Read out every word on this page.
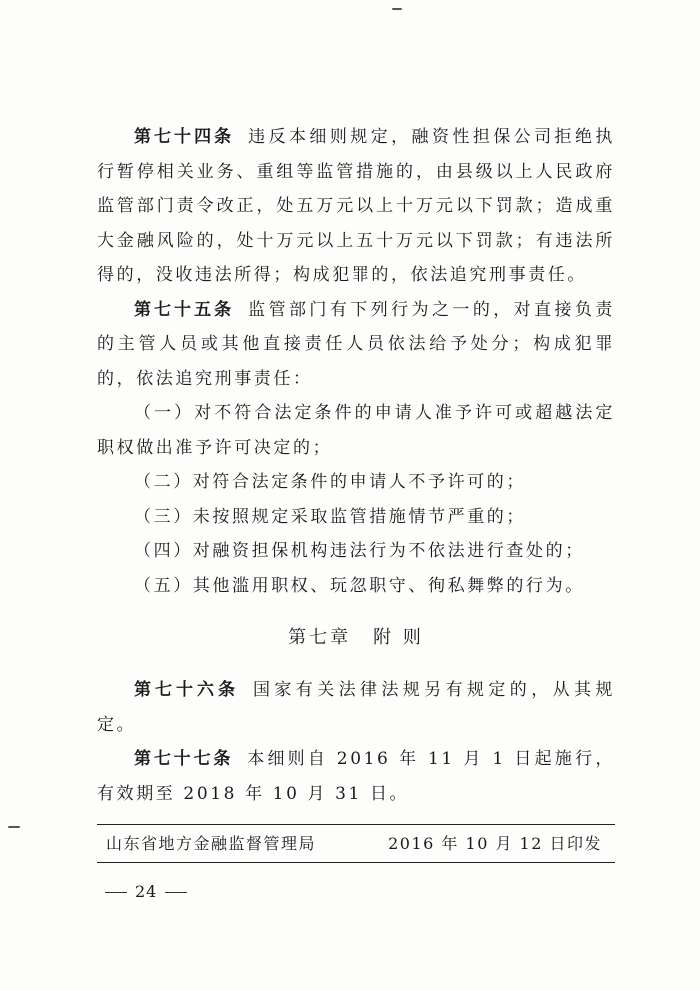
第七十四条 违反本细则规定，融资性担保公司拒绝执行暂停相关业务、重组等监管措施的，由县级以上人民政府监管部门责令改正，处五万元以上十万元以下罚款；造成重大金融风险的，处十万元以上五十万元以下罚款；有违法所得的，没收违法所得；构成犯罪的，依法追究刑事责任。

第七十五条 监管部门有下列行为之一的，对直接负责的主管人员或其他直接责任人员依法给予处分；构成犯罪的，依法追究刑事责任：

（一）对不符合法定条件的申请人准予许可或超越法定职权做出准予许可决定的；

（二）对符合法定条件的申请人不予许可的；

（三）未按照规定采取监管措施情节严重的；

（四）对融资担保机构违法行为不依法进行查处的；

（五）其他滥用职权、玩忽职守、徇私舞弊的行为。

第七章 附 则

第七十六条 国家有关法律法规另有规定的，从其规定。

第七十七条 本细则自 2016 年 11 月 1 日起施行，有效期至 2018 年 10 月 31 日。

山东省地方金融监督管理局	2016 年 10 月 12 日印发
24
